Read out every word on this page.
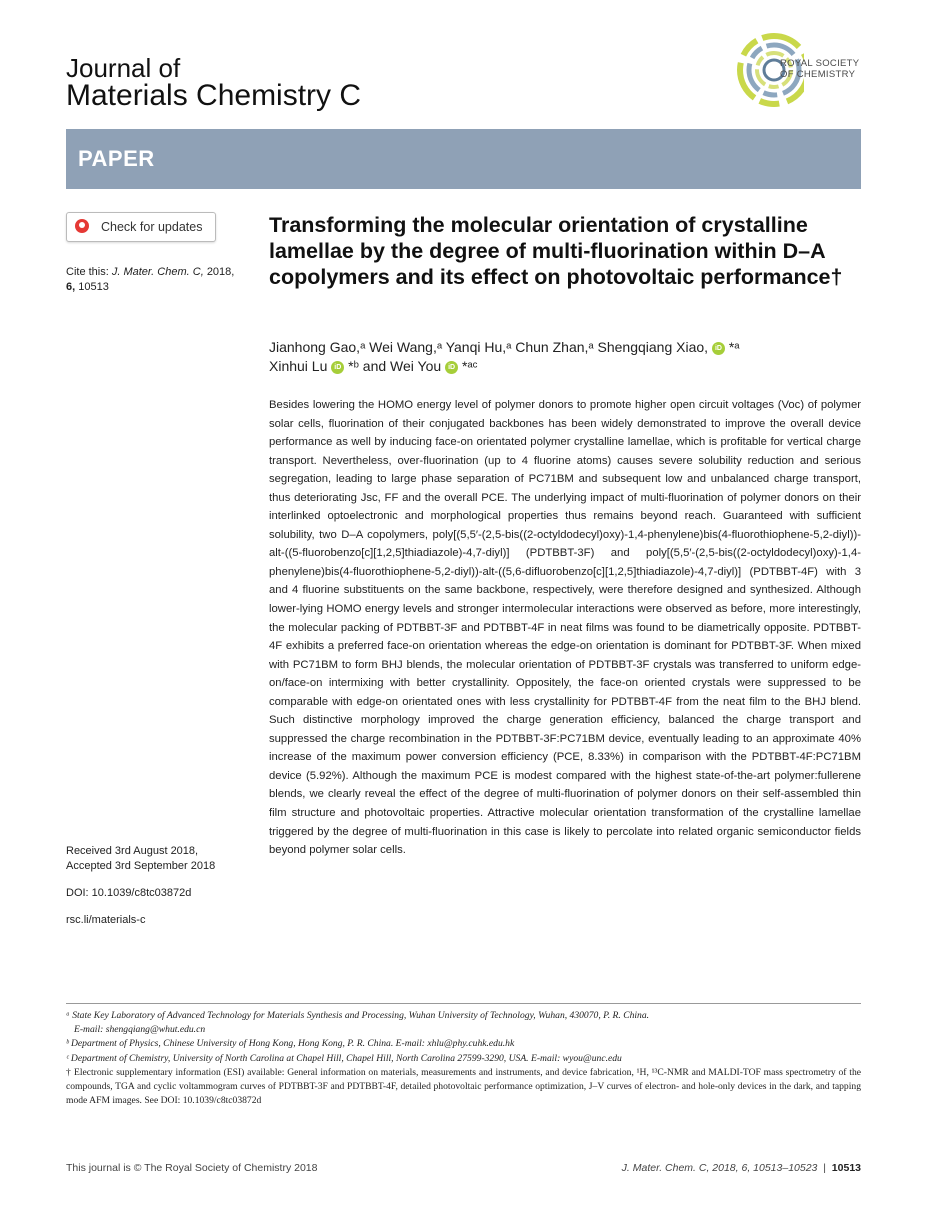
Journal of
Materials Chemistry C
ROYAL SOCIETY
OF CHEMISTRY
PAPER
Check for updates
Cite this: J. Mater. Chem. C, 2018, 6, 10513
Received 3rd August 2018,
Accepted 3rd September 2018
DOI: 10.1039/c8tc03872d
rsc.li/materials-c
Transforming the molecular orientation of crystalline lamellae by the degree of multi-fluorination within D–A copolymers and its effect on photovoltaic performance†
Jianhong Gao,ᵃ Wei Wang,ᵃ Yanqi Hu,ᵃ Chun Zhan,ᵃ Shengqiang Xiao, iD *ᵃ
Xinhui Lu iD *ᵇ and Wei You iD *ᵃᶜ
Besides lowering the HOMO energy level of polymer donors to promote higher open circuit voltages (Voc) of polymer solar cells, fluorination of their conjugated backbones has been widely demonstrated to improve the overall device performance as well by inducing face-on orientated polymer crystalline lamellae, which is profitable for vertical charge transport. Nevertheless, over-fluorination (up to 4 fluorine atoms) causes severe solubility reduction and serious segregation, leading to large phase separation of PC71BM and subsequent low and unbalanced charge transport, thus deteriorating Jsc, FF and the overall PCE. The underlying impact of multi-fluorination of polymer donors on their interlinked optoelectronic and morphological properties thus remains beyond reach. Guaranteed with sufficient solubility, two D–A copolymers, poly[(5,5′-(2,5-bis((2-octyldodecyl)oxy)-1,4-phenylene)bis(4-fluorothiophene-5,2-diyl))-alt-((5-fluorobenzo[c][1,2,5]thiadiazole)-4,7-diyl)] (PDTBBT-3F) and poly[(5,5′-(2,5-bis((2-octyldodecyl)oxy)-1,4-phenylene)bis(4-fluorothiophene-5,2-diyl))-alt-((5,6-difluorobenzo[c][1,2,5]thiadiazole)-4,7-diyl)] (PDTBBT-4F) with 3 and 4 fluorine substituents on the same backbone, respectively, were therefore designed and synthesized. Although lower-lying HOMO energy levels and stronger intermolecular interactions were observed as before, more interestingly, the molecular packing of PDTBBT-3F and PDTBBT-4F in neat films was found to be diametrically opposite. PDTBBT-4F exhibits a preferred face-on orientation whereas the edge-on orientation is dominant for PDTBBT-3F. When mixed with PC71BM to form BHJ blends, the molecular orientation of PDTBBT-3F crystals was transferred to uniform edge-on/face-on intermixing with better crystallinity. Oppositely, the face-on oriented crystals were suppressed to be comparable with edge-on orientated ones with less crystallinity for PDTBBT-4F from the neat film to the BHJ blend. Such distinctive morphology improved the charge generation efficiency, balanced the charge transport and suppressed the charge recombination in the PDTBBT-3F:PC71BM device, eventually leading to an approximate 40% increase of the maximum power conversion efficiency (PCE, 8.33%) in comparison with the PDTBBT-4F:PC71BM device (5.92%). Although the maximum PCE is modest compared with the highest state-of-the-art polymer:fullerene blends, we clearly reveal the effect of the degree of multi-fluorination of polymer donors on their self-assembled thin film structure and photovoltaic properties. Attractive molecular orientation transformation of the crystalline lamellae triggered by the degree of multi-fluorination in this case is likely to percolate into related organic semiconductor fields beyond polymer solar cells.

ᵃ State Key Laboratory of Advanced Technology for Materials Synthesis and Processing, Wuhan University of Technology, Wuhan, 430070, P. R. China.

E-mail: shengqiang@whut.edu.cn

ᵇ Department of Physics, Chinese University of Hong Kong, Hong Kong, P. R. China. E-mail: xhlu@phy.cuhk.edu.hk

ᶜ Department of Chemistry, University of North Carolina at Chapel Hill, Chapel Hill, North Carolina 27599-3290, USA. E-mail: wyou@unc.edu

† Electronic supplementary information (ESI) available: General information on materials, measurements and instruments, and device fabrication, ¹H, ¹³C-NMR and MALDI-TOF mass spectrometry of the compounds, TGA and cyclic voltammogram curves of PDTBBT-3F and PDTBBT-4F, detailed photovoltaic performance optimization, J–V curves of electron- and hole-only devices in the dark, and tapping mode AFM images. See DOI: 10.1039/c8tc03872d

This journal is © The Royal Society of Chemistry 2018	J. Mater. Chem. C, 2018, 6, 10513–10523  |  10513
